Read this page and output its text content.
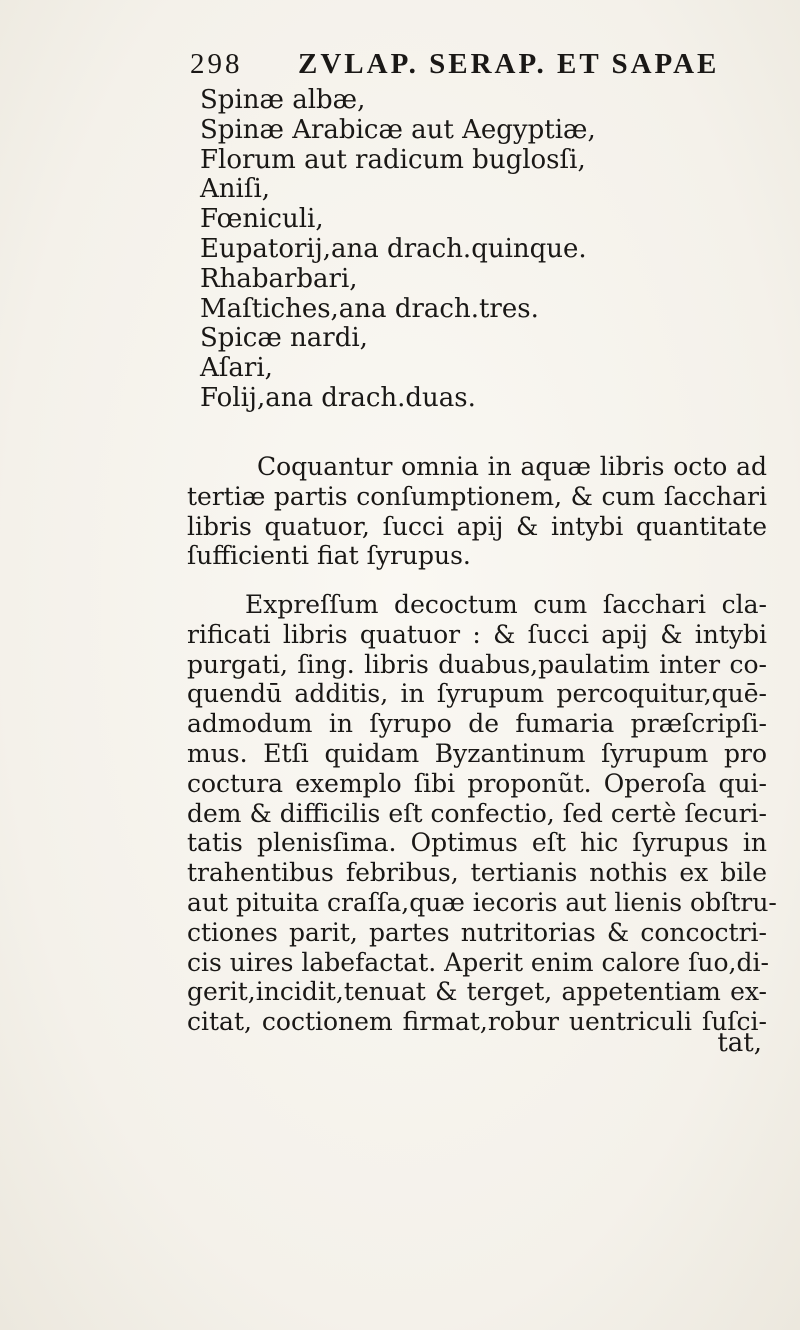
298 ZVLAP. SERAP. ET SAPAE
Spinæ albæ,
Spinæ Arabicæ aut Aegyptiæ,
Florum aut radicum buglosſi,
Aniſi,
Fœniculi,
Eupatorij,ana drach.quinque.
Rhabarbari,
Maſtiches,ana drach.tres.
Spicæ nardi,
Aſari,
Folij,ana drach.duas.
Coquantur omnia in aquæ libris octo ad
tertiæ partis conſumptionem, & cum ſacchari
libris quatuor, ſucci apij & intybi quantitate
ſufficienti fiat ſyrupus.
Expreſſum decoctum cum ſacchari cla-
rificati libris quatuor : & ſucci apij & intybi
purgati, ſing. libris duabus,paulatim inter co-
quendū additis, in ſyrupum percoquitur,quē-
admodum in ſyrupo de fumaria præſcripſi-
mus. Etſi quidam Byzantinum ſyrupum pro
coctura exemplo ſibi proponũt. Operoſa qui-
dem & difficilis eſt confectio, ſed certè ſecuri-
tatis plenisſima. Optimus eſt hic ſyrupus in
trahentibus febribus, tertianis nothis ex bile
aut pituita craſſa,quæ iecoris aut lienis obſtru-
ctiones parit, partes nutritorias & concoctri-
cis uires labefactat. Aperit enim calore ſuo,di-
gerit,incidit,tenuat & terget, appetentiam ex-
citat, coctionem firmat,robur uentriculi ſuſci-
tat,
